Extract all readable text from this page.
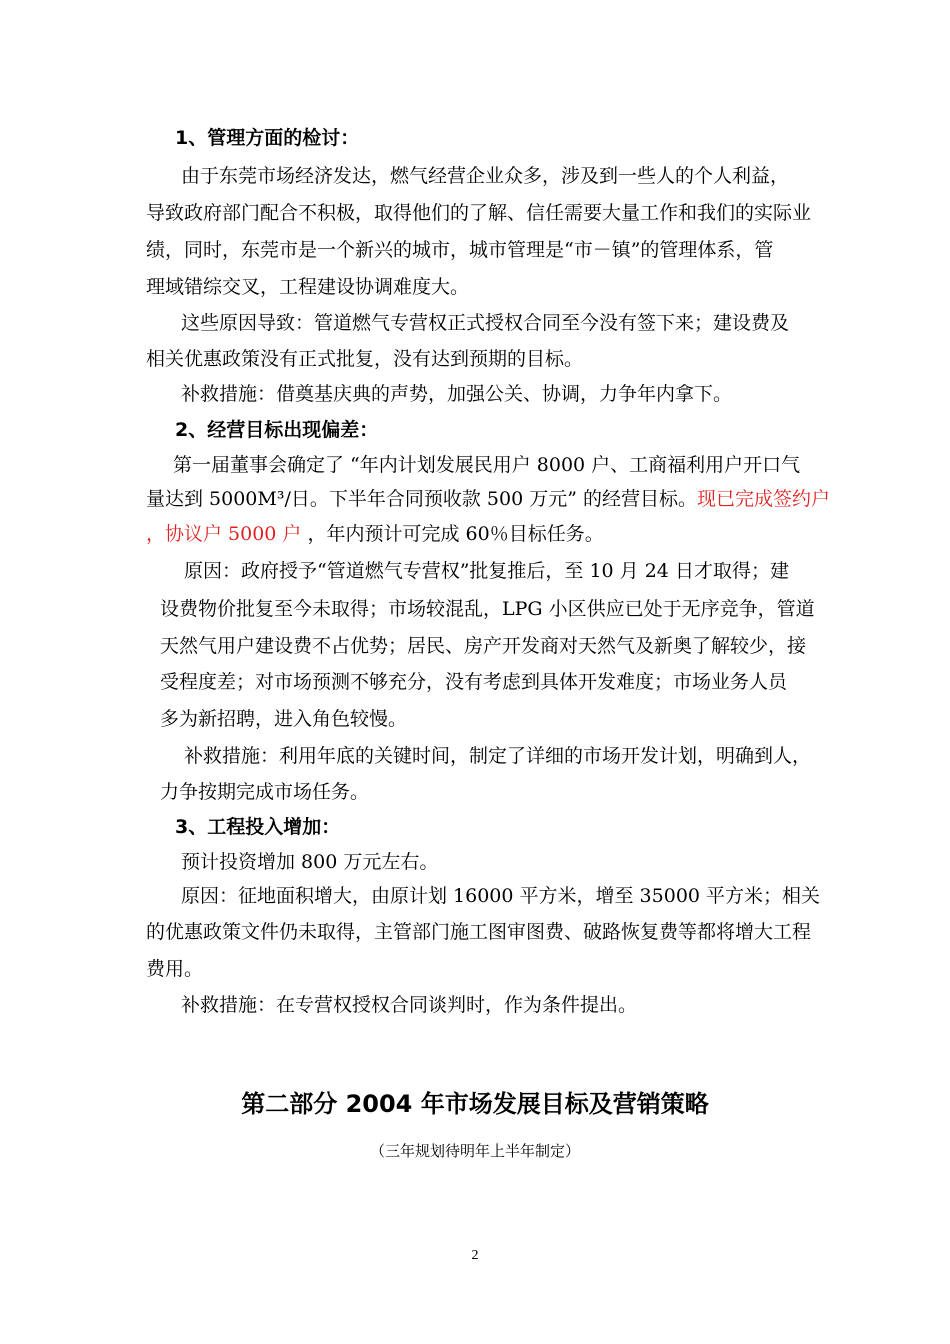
1、管理方面的检讨：
由于东莞市场经济发达，燃气经营企业众多，涉及到一些人的个人利益，
导致政府部门配合不积极，取得他们的了解、信任需要大量工作和我们的实际业
绩，同时，东莞市是一个新兴的城市，城市管理是“市－镇”的管理体系，管
理域错综交叉，工程建设协调难度大。
这些原因导致：管道燃气专营权正式授权合同至今没有签下来；建设费及
相关优惠政策没有正式批复，没有达到预期的目标。
补救措施：借奠基庆典的声势，加强公关、协调，力争年内拿下。
2、经营目标出现偏差：
第一届董事会确定了 “年内计划发展民用户 8000 户、工商福利用户开口气
量达到 5000M³/日。下半年合同预收款 500 万元” 的经营目标。现已完成签约户
，协议户 5000 户 ，年内预计可完成 60％目标任务。
原因：政府授予“管道燃气专营权”批复推后，至 10 月 24 日才取得；建
设费物价批复至今未取得；市场较混乱，LPG 小区供应已处于无序竞争，管道
天然气用户建设费不占优势；居民、房产开发商对天然气及新奥了解较少，接
受程度差；对市场预测不够充分，没有考虑到具体开发难度；市场业务人员
多为新招聘，进入角色较慢。
补救措施：利用年底的关键时间，制定了详细的市场开发计划，明确到人，
力争按期完成市场任务。
3、工程投入增加：
预计投资增加 800 万元左右。
原因：征地面积增大，由原计划 16000 平方米，增至 35000 平方米；相关
的优惠政策文件仍未取得，主管部门施工图审图费、破路恢复费等都将增大工程
费用。
补救措施：在专营权授权合同谈判时，作为条件提出。
第二部分 2004 年市场发展目标及营销策略
（三年规划待明年上半年制定）
2
